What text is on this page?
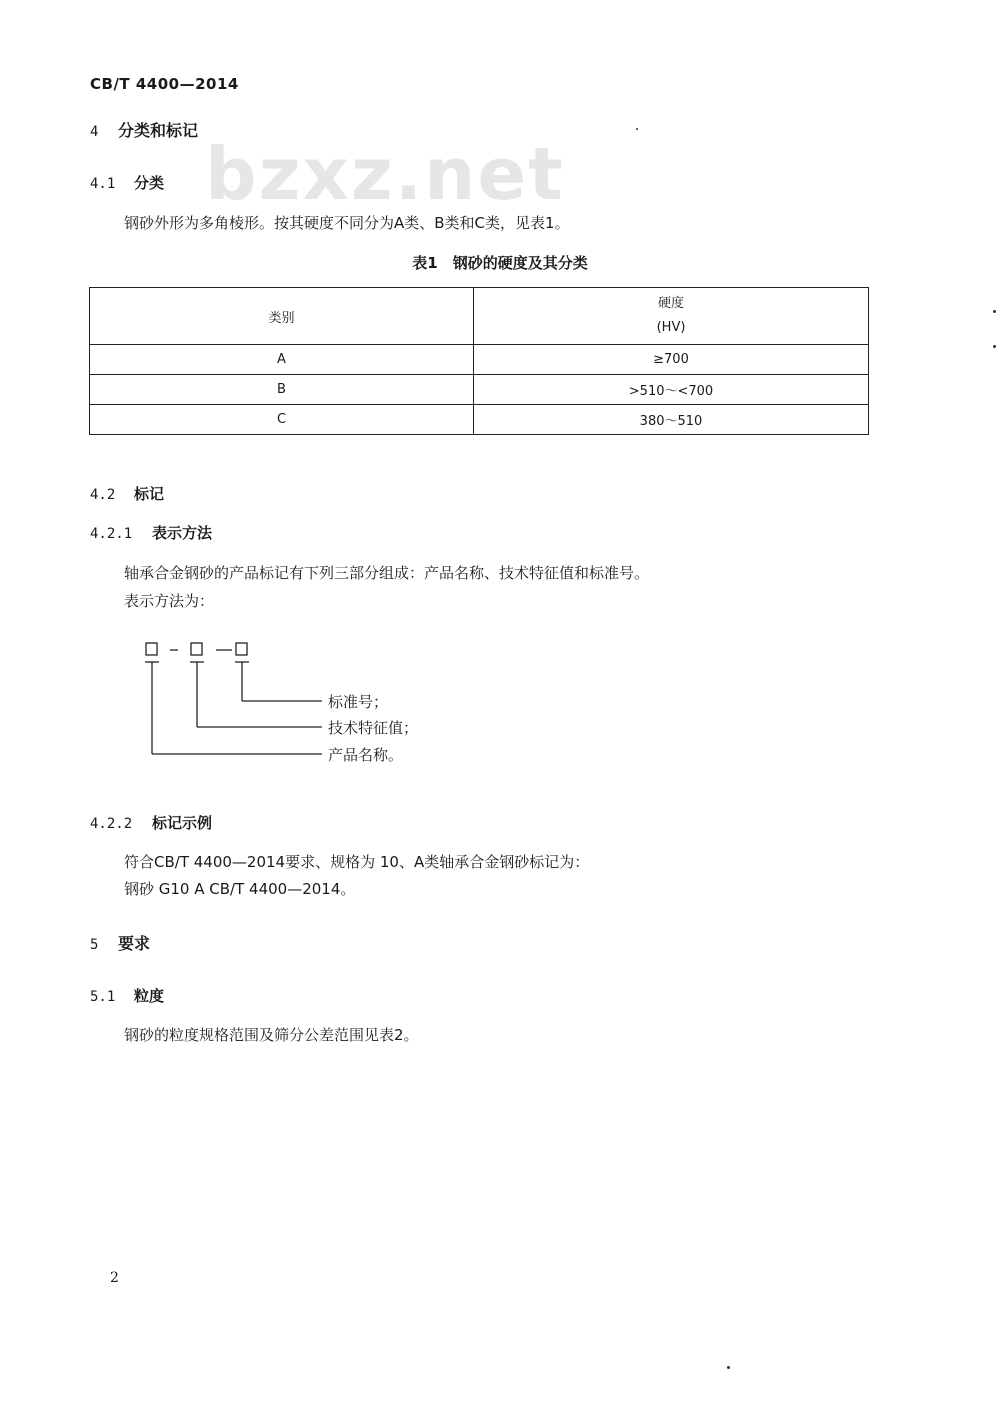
bzxz.net
CB/T 4400—2014
4 分类和标记
4.1 分类
钢砂外形为多角棱形。按其硬度不同分为A类、B类和C类，见表1。
表1　钢砂的硬度及其分类
类别	硬度
(HV)

A	≥700
B	>510～<700
C	380～510
4.2 标记
4.2.1 表示方法
轴承合金钢砂的产品标记有下列三部分组成：产品名称、技术特征值和标准号。
表示方法为：
标准号；
技术特征值；
产品名称。
4.2.2 标记示例
符合CB/T 4400—2014要求、规格为 10、A类轴承合金钢砂标记为：
钢砂 G10 A CB/T 4400—2014。
5 要求
5.1 粒度
钢砂的粒度规格范围及筛分公差范围见表2。
2
